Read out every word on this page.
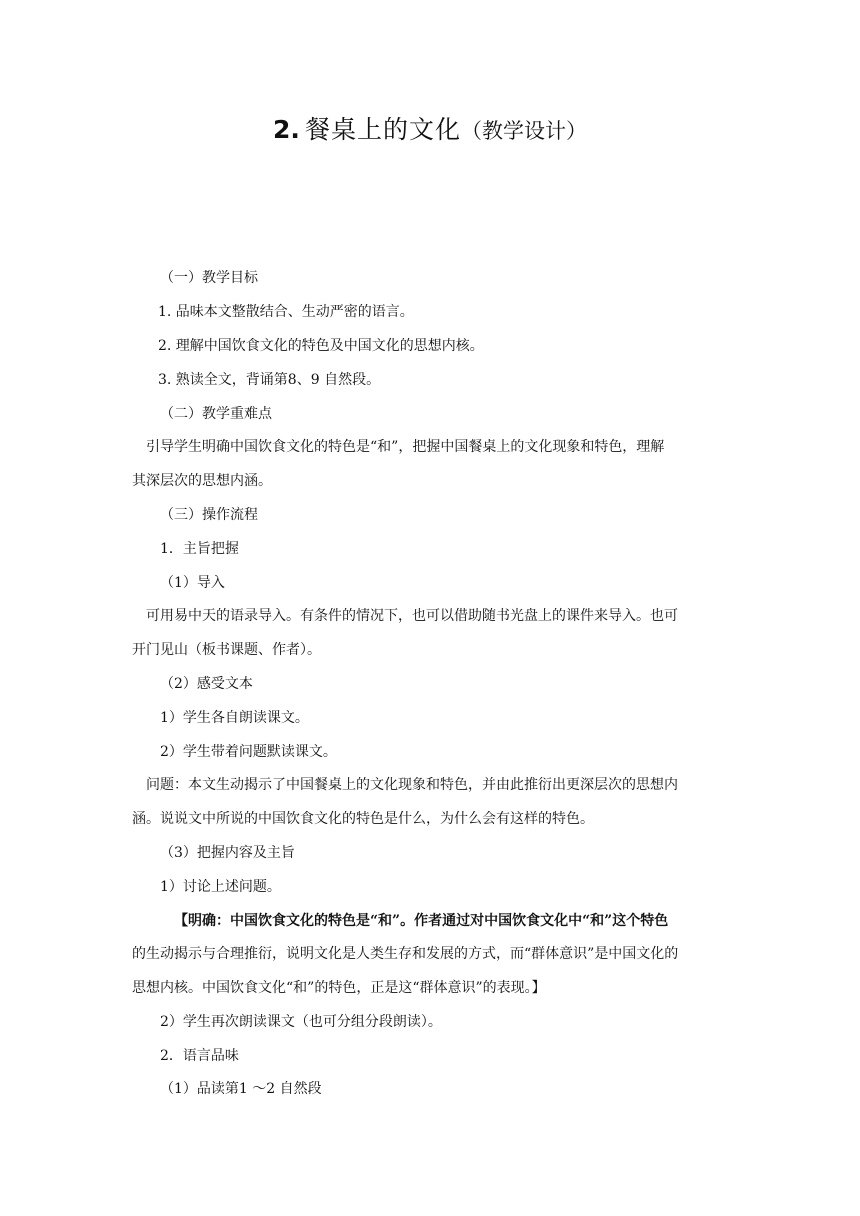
2. 餐桌上的文化（教学设计）
（一）教学目标
1. 品味本文整散结合、生动严密的语言。
2. 理解中国饮食文化的特色及中国文化的思想内核。
3. 熟读全文，背诵第8、9 自然段。
（二）教学重难点
引导学生明确中国饮食文化的特色是“和”，把握中国餐桌上的文化现象和特色，理解
其深层次的思想内涵。
（三）操作流程
1．主旨把握
（1）导入
可用易中天的语录导入。有条件的情况下，也可以借助随书光盘上的课件来导入。也可
开门见山（板书课题、作者）。
（2）感受文本
1）学生各自朗读课文。
2）学生带着问题默读课文。
问题：本文生动揭示了中国餐桌上的文化现象和特色，并由此推衍出更深层次的思想内
涵。说说文中所说的中国饮食文化的特色是什么，为什么会有这样的特色。
（3）把握内容及主旨
1）讨论上述问题。
【明确：中国饮食文化的特色是“和”。作者通过对中国饮食文化中“和”这个特色
的生动揭示与合理推衍，说明文化是人类生存和发展的方式，而“群体意识”是中国文化的
思想内核。中国饮食文化“和”的特色，正是这“群体意识”的表现。】
2）学生再次朗读课文（也可分组分段朗读）。
2．语言品味
（1）品读第1 ～2 自然段
